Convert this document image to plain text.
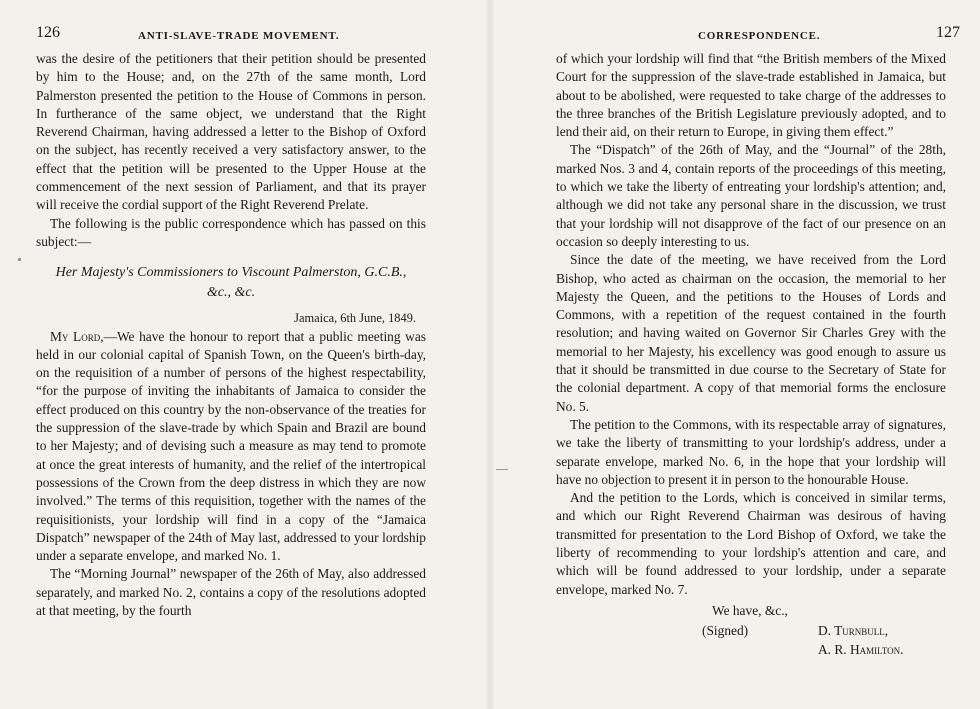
126	ANTI-SLAVE-TRADE MOVEMENT.

was the desire of the petitioners that their petition should be presented by him to the House; and, on the 27th of the same month, Lord Palmerston presented the petition to the House of Commons in person. In furtherance of the same object, we understand that the Right Reverend Chairman, having addressed a letter to the Bishop of Oxford on the subject, has recently received a very satisfactory answer, to the effect that the petition will be presented to the Upper House at the commencement of the next session of Parliament, and that its prayer will receive the cordial support of the Right Reverend Prelate.

The following is the public correspondence which has passed on this subject:—

Her Majesty's Commissioners to Viscount Palmerston, G.C.B.,
&c., &c.
Jamaica, 6th June, 1849.

My Lord,—We have the honour to report that a public meeting was held in our colonial capital of Spanish Town, on the Queen's birth-day, on the requisition of a number of persons of the highest respectability, “for the purpose of inviting the inhabitants of Jamaica to consider the effect produced on this country by the non-observance of the treaties for the suppression of the slave-trade by which Spain and Brazil are bound to her Majesty; and of devising such a measure as may tend to promote at once the great interests of humanity, and the relief of the intertropical possessions of the Crown from the deep distress in which they are now involved.” The terms of this requisition, together with the names of the requisitionists, your lordship will find in a copy of the “Jamaica Dispatch” newspaper of the 24th of May last, addressed to your lordship under a separate envelope, and marked No. 1.

The “Morning Journal” newspaper of the 26th of May, also addressed separately, and marked No. 2, contains a copy of the resolutions adopted at that meeting, by the fourth

CORRESPONDENCE.	127

of which your lordship will find that “the British members of the Mixed Court for the suppression of the slave-trade established in Jamaica, but about to be abolished, were requested to take charge of the addresses to the three branches of the British Legislature previously adopted, and to lend their aid, on their return to Europe, in giving them effect.”

The “Dispatch” of the 26th of May, and the “Journal” of the 28th, marked Nos. 3 and 4, contain reports of the proceedings of this meeting, to which we take the liberty of entreating your lordship's attention; and, although we did not take any personal share in the discussion, we trust that your lordship will not disapprove of the fact of our presence on an occasion so deeply interesting to us.

Since the date of the meeting, we have received from the Lord Bishop, who acted as chairman on the occasion, the memorial to her Majesty the Queen, and the petitions to the Houses of Lords and Commons, with a repetition of the request contained in the fourth resolution; and having waited on Governor Sir Charles Grey with the memorial to her Majesty, his excellency was good enough to assure us that it should be transmitted in due course to the Secretary of State for the colonial department. A copy of that memorial forms the enclosure No. 5.

The petition to the Commons, with its respectable array of signatures, we take the liberty of transmitting to your lordship's address, under a separate envelope, marked No. 6, in the hope that your lordship will have no objection to present it in person to the honourable House.

And the petition to the Lords, which is conceived in similar terms, and which our Right Reverend Chairman was desirous of having transmitted for presentation to the Lord Bishop of Oxford, we take the liberty of recommending to your lordship's attention and care, and which will be found addressed to your lordship, under a separate envelope, marked No. 7.

We have, &c.,
(Signed)	D. Turnbull,
A. R. Hamilton.
